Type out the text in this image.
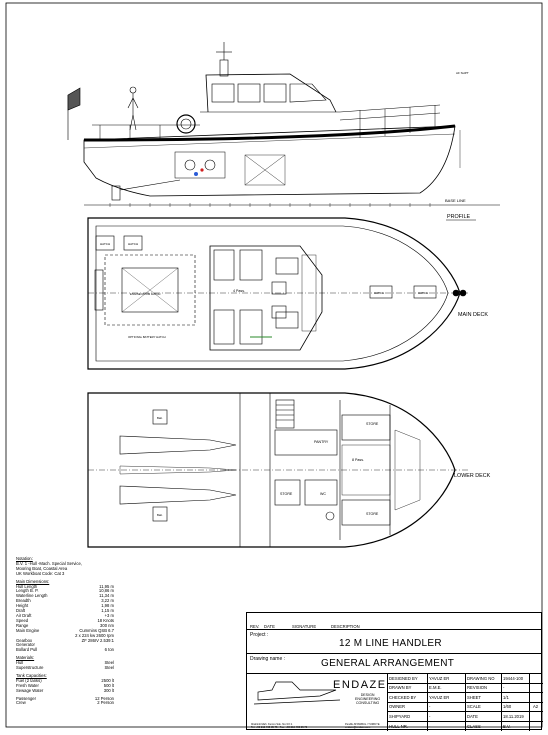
BASE LINE
AF SHPT
PROFILE
HATCH	HATCH
ENGINE ROOM HATCH
OPTIONAL BATTERY HATCH
HATCH	HATCH
4 Pass.
MAIN DECK
Batt.
Batt.
PANTRY
STORE
STORE
STORE	WC
8 Pass.
LOWER DECK
Notation:
B.V. 1 -Hull -Mach. Special Service,
Mooring Boat, Coastal Area
UK Workboat Code: Cat 3
Main Dimensions:
Hull Length	11,95 m
Length B. P.	10,86 m
Waterline Length	11,34 m
Breadth	3,22 m
Height	1,98 m
Draft	1,15 m
Air Draft	+3 m
Speed	18 Knots
Range	300 nm
Main Engine	Cummins QSB 6.7
2 x 224 kw 2600 rpm
Gearbox	ZF 286IV 2.539:1
Generator
Bollard Pull	6 ton
Materials:
Hull	Steel
Superstructure	Steel
Tank Capacities:
Fuel (2 tanks)	2500 lt
Fresh Water	500 lt
Sewage Water	300 lt
Passenger	12 Person
Crew	2 Person
REV. DATE	SIGNATURE	DESCRIPTION
Project :
12 M LINE HANDLER
Drawing name :	GENERAL ARRANGEMENT
ENDAZE
DESIGN
ENGINEERING
CONSULTING
Ibrahimli Mah. Kumru Sok. No:3 K:1
Tel: +90 216 493 05 75 - Fax: +90 216 493 05 76
Pendik-ISTANBUL / TURKIYE
endaze@endaze.com
DESIGNED BY	YAVUZ ER	DRAWING NO 19444-100
DRAWN BY	E.M.E.	REVISION	-
CHECKED BY	YAVUZ ER	SHEET	1/1
OWNER	-	SCALE	1/60	A2
SHIPYARD	-	DATE	18.11.2019
HULL NR.	-	CLASS	B.V.
